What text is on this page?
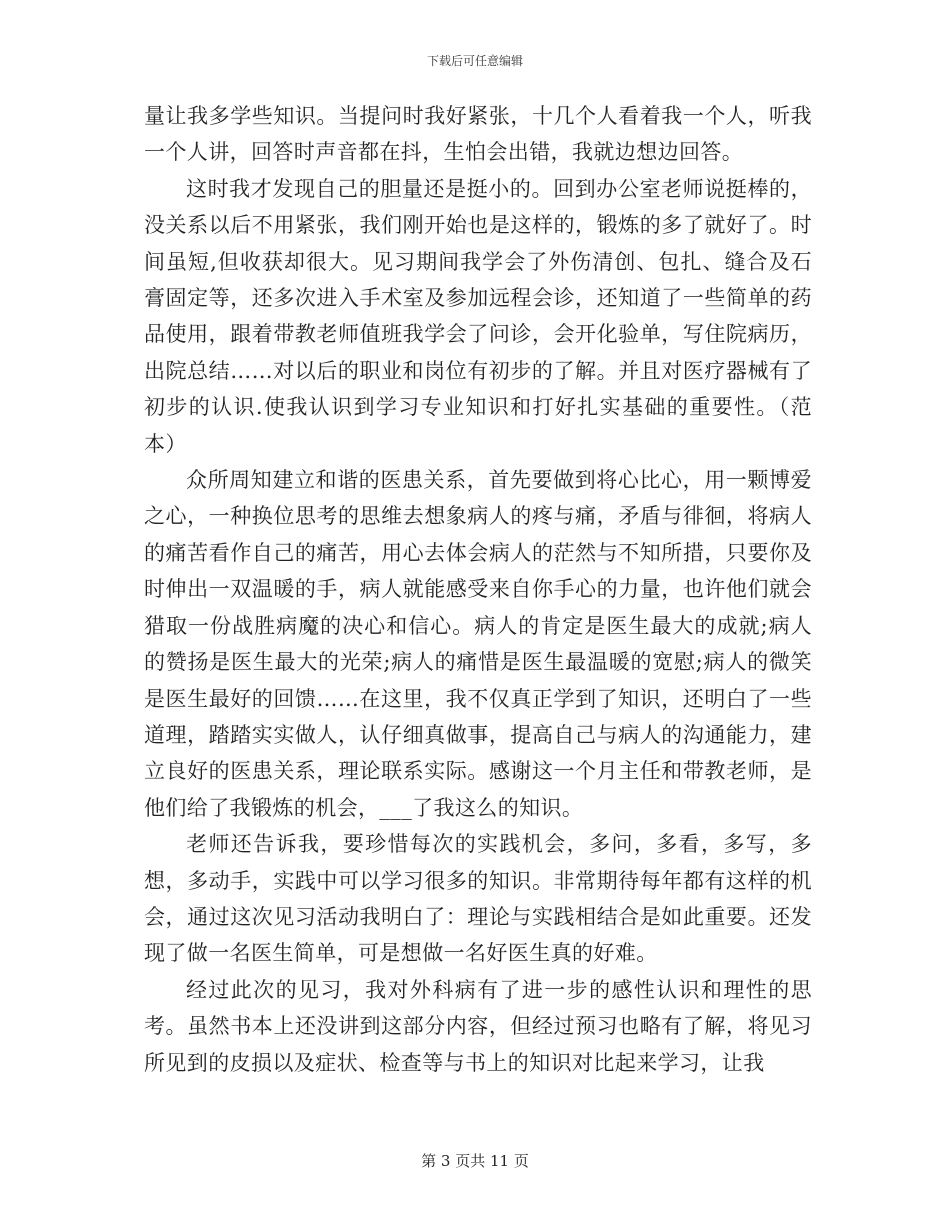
下载后可任意编辑

量让我多学些知识。当提问时我好紧张，十几个人看着我一个人，听我一个人讲，回答时声音都在抖，生怕会出错，我就边想边回答。

这时我才发现自己的胆量还是挺小的。回到办公室老师说挺棒的，没关系以后不用紧张，我们刚开始也是这样的，锻炼的多了就好了。时间虽短,但收获却很大。见习期间我学会了外伤清创、包扎、缝合及石膏固定等，还多次进入手术室及参加远程会诊，还知道了一些简单的药品使用，跟着带教老师值班我学会了问诊，会开化验单，写住院病历，出院总结……对以后的职业和岗位有初步的了解。并且对医疗器械有了初步的认识.使我认识到学习专业知识和打好扎实基础的重要性。（范本）

众所周知建立和谐的医患关系，首先要做到将心比心，用一颗博爱之心，一种换位思考的思维去想象病人的疼与痛，矛盾与徘徊，将病人的痛苦看作自己的痛苦，用心去体会病人的茫然与不知所措，只要你及时伸出一双温暖的手，病人就能感受来自你手心的力量，也许他们就会猎取一份战胜病魔的决心和信心。病人的肯定是医生最大的成就;病人的赞扬是医生最大的光荣;病人的痛惜是医生最温暖的宽慰;病人的微笑是医生最好的回馈……在这里，我不仅真正学到了知识，还明白了一些道理，踏踏实实做人，认仔细真做事，提高自己与病人的沟通能力，建立良好的医患关系，理论联系实际。感谢这一个月主任和带教老师，是他们给了我锻炼的机会，___了我这么的知识。

老师还告诉我，要珍惜每次的实践机会，多问，多看，多写，多想，多动手，实践中可以学习很多的知识。非常期待每年都有这样的机会，通过这次见习活动我明白了：理论与实践相结合是如此重要。还发现了做一名医生简单，可是想做一名好医生真的好难。

经过此次的见习，我对外科病有了进一步的感性认识和理性的思考。虽然书本上还没讲到这部分内容，但经过预习也略有了解，将见习所见到的皮损以及症状、检查等与书上的知识对比起来学习，让我

第 3 页共 11 页
